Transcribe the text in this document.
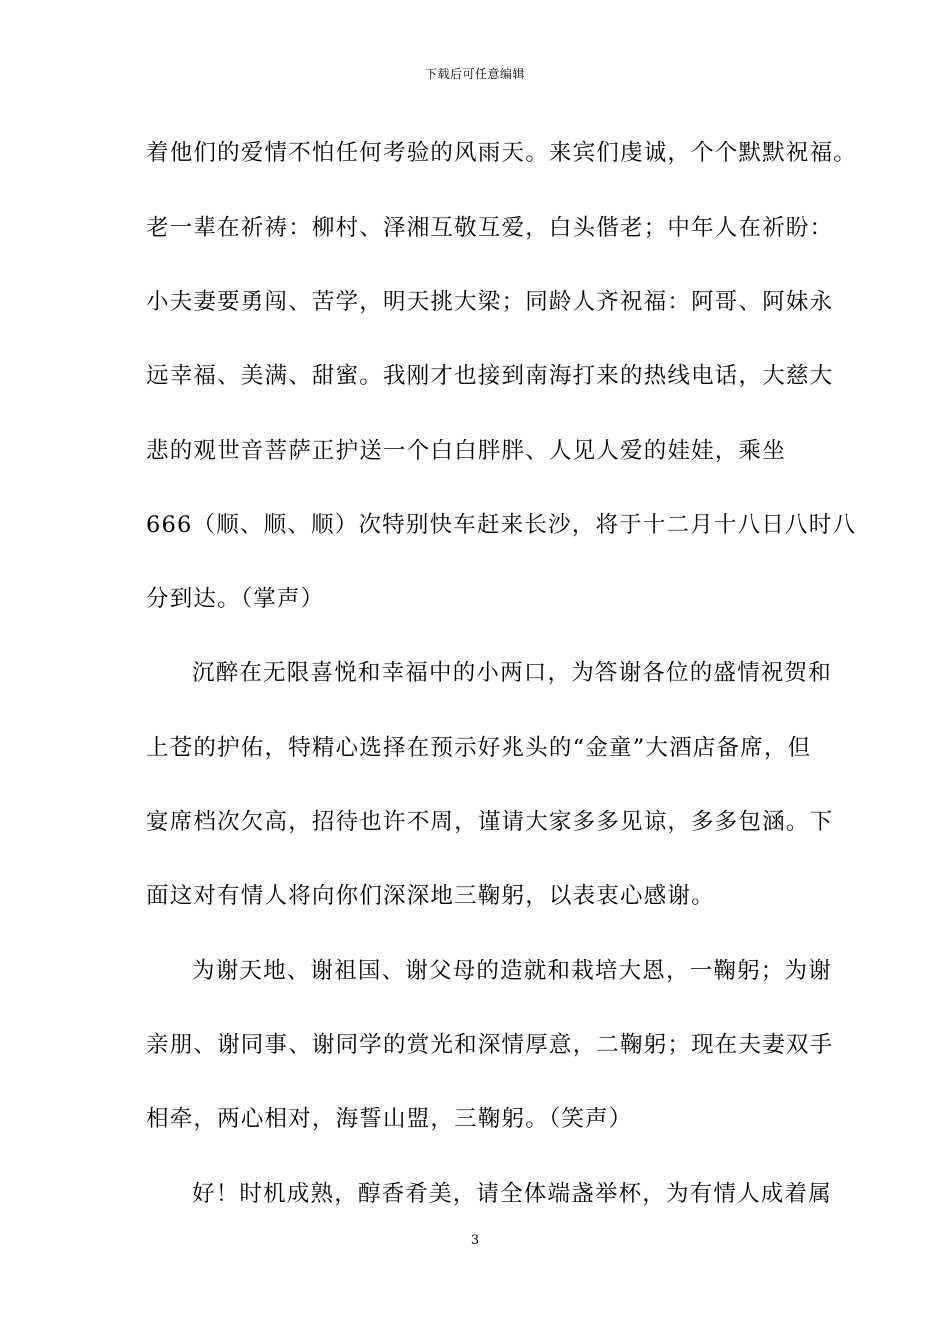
下载后可任意编辑
着他们的爱情不怕任何考验的风雨天。来宾们虔诚，个个默默祝福。
老一辈在祈祷：柳村、泽湘互敬互爱，白头偕老；中年人在祈盼：
小夫妻要勇闯、苦学，明天挑大梁；同龄人齐祝福：阿哥、阿妹永
远幸福、美满、甜蜜。我刚才也接到南海打来的热线电话，大慈大
悲的观世音菩萨正护送一个白白胖胖、人见人爱的娃娃，乘坐
666（顺、顺、顺）次特别快车赶来长沙，将于十二月十八日八时八
分到达。（掌声）
沉醉在无限喜悦和幸福中的小两口，为答谢各位的盛情祝贺和
上苍的护佑，特精心选择在预示好兆头的“金童”大酒店备席，但
宴席档次欠高，招待也许不周，谨请大家多多见谅，多多包涵。下
面这对有情人将向你们深深地三鞠躬，以表衷心感谢。
为谢天地、谢祖国、谢父母的造就和栽培大恩，一鞠躬；为谢
亲朋、谢同事、谢同学的赏光和深情厚意，二鞠躬；现在夫妻双手
相牵，两心相对，海誓山盟，三鞠躬。（笑声）
好！时机成熟，醇香肴美，请全体端盏举杯，为有情人成着属
3
